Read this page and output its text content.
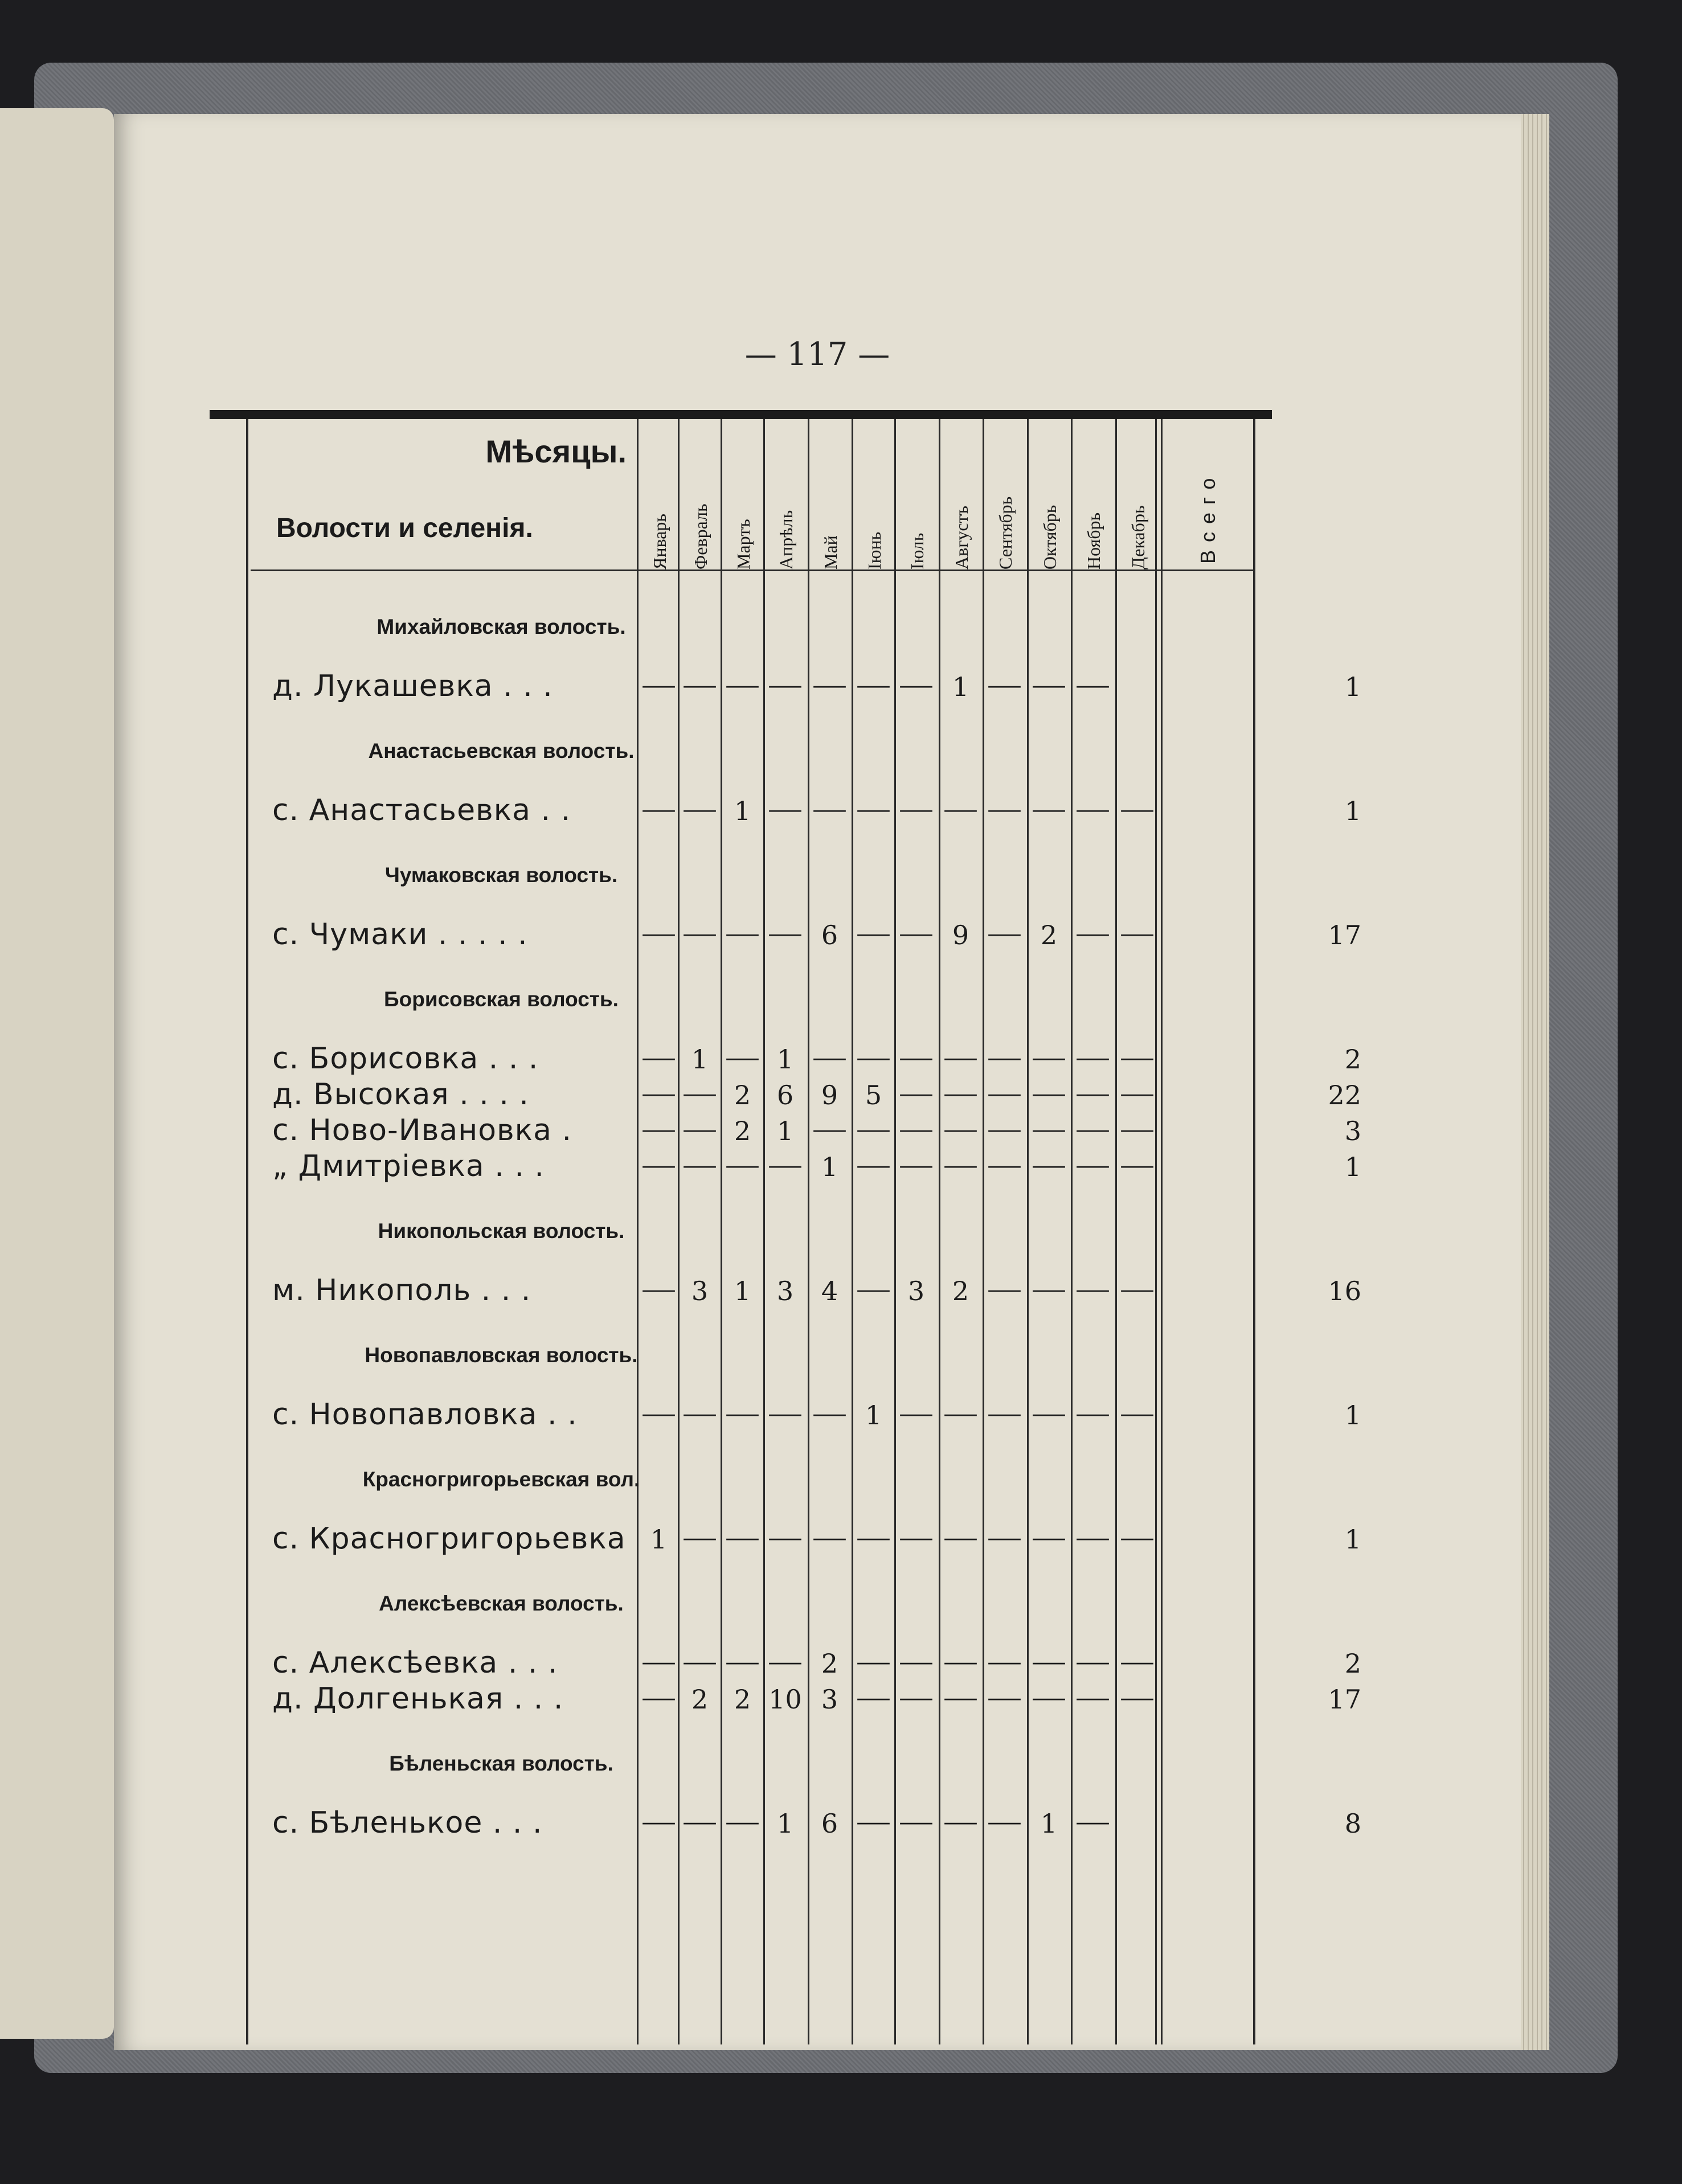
— 117 —
Мѣсяцы.
Волости и селенія.	Январь Февраль Мартъ Апрѣль Май Іюнь Іюль Августъ Сентябрь Октябрь Ноябрь Декабрь Всего
Михайловская волость.
д. Лукашевка . . .	— — — — — — — 1 — — —	1
Анастасьевская волость.
с. Анастасьевка . .	— — 1 — — — — — — — — —	1
Чумаковская волость.
с. Чумаки . . . . .	— — — — 6 — — 9 — 2 — —	17
Борисовская волость.
с. Борисовка . . .	— 1 — 1 — — — — — — — —	2
д. Высокая . . . .	— — 2 6	9	5 — — — — — —	22
с. Ново-Ивановка .	— — 2 1 — — — — — — — —	3
„ Дмитріевка . . .	— — — — 1 — — — — — — —	1
Никопольская волость.
м. Никополь . . .	— 3 1 3	4 — 3	2 — — — —	16
Новопавловская волость.
с. Новопавловка . .	— — — — — 1 — — — — — —	1
Красногригорьевская вол.
с. Красногригорьевка 1 — — — — — — — — — — —	1
Алексѣевская волость.
с. Алексѣевка . . .	— — — — 2 — — — — — — —	2
д. Долгенькая . . .	— 2 2 10 3 — — — — — — —	17
Бѣленьская волость.
с. Бѣленькое . . .	— — — 1	6 — — — — 1 —	8
